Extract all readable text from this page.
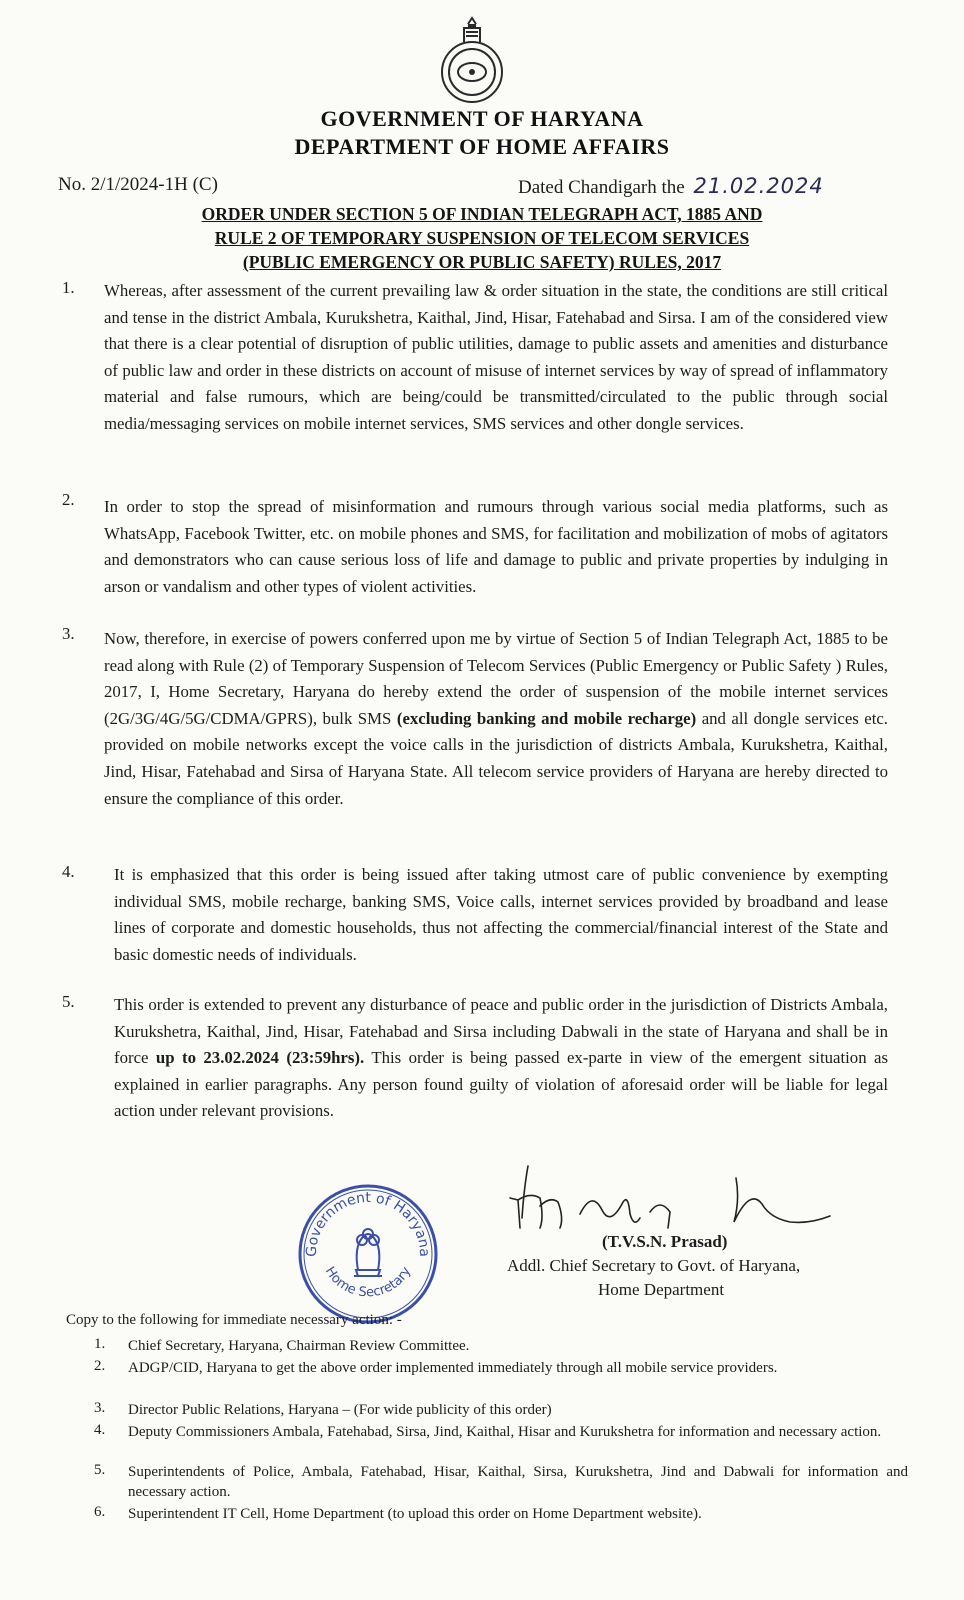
GOVERNMENT OF HARYANA
DEPARTMENT OF HOME AFFAIRS
No. 2/1/2024-1H (C)	Dated Chandigarh the 21.02.2024
ORDER UNDER SECTION 5 OF INDIAN TELEGRAPH ACT, 1885 AND
RULE 2 OF TEMPORARY SUSPENSION OF TELECOM SERVICES
(PUBLIC EMERGENCY OR PUBLIC SAFETY) RULES, 2017
1. Whereas, after assessment of the current prevailing law & order situation in the state, the conditions are still critical and tense in the district Ambala, Kurukshetra, Kaithal, Jind, Hisar, Fatehabad and Sirsa. I am of the considered view that there is a clear potential of disruption of public utilities, damage to public assets and amenities and disturbance of public law and order in these districts on account of misuse of internet services by way of spread of inflammatory material and false rumours, which are being/could be transmitted/circulated to the public through social media/messaging services on mobile internet services, SMS services and other dongle services.
2. In order to stop the spread of misinformation and rumours through various social media platforms, such as WhatsApp, Facebook Twitter, etc. on mobile phones and SMS, for facilitation and mobilization of mobs of agitators and demonstrators who can cause serious loss of life and damage to public and private properties by indulging in arson or vandalism and other types of violent activities.
3. Now, therefore, in exercise of powers conferred upon me by virtue of Section 5 of Indian Telegraph Act, 1885 to be read along with Rule (2) of Temporary Suspension of Telecom Services (Public Emergency or Public Safety ) Rules, 2017, I, Home Secretary, Haryana do hereby extend the order of suspension of the mobile internet services (2G/3G/4G/5G/CDMA/GPRS), bulk SMS (excluding banking and mobile recharge) and all dongle services etc. provided on mobile networks except the voice calls in the jurisdiction of districts Ambala, Kurukshetra, Kaithal, Jind, Hisar, Fatehabad and Sirsa of Haryana State. All telecom service providers of Haryana are hereby directed to ensure the compliance of this order.
4. It is emphasized that this order is being issued after taking utmost care of public convenience by exempting individual SMS, mobile recharge, banking SMS, Voice calls, internet services provided by broadband and lease lines of corporate and domestic households, thus not affecting the commercial/financial interest of the State and basic domestic needs of individuals.
5. This order is extended to prevent any disturbance of peace and public order in the jurisdiction of Districts Ambala, Kurukshetra, Kaithal, Jind, Hisar, Fatehabad and Sirsa including Dabwali in the state of Haryana and shall be in force up to 23.02.2024 (23:59hrs). This order is being passed ex-parte in view of the emergent situation as explained in earlier paragraphs. Any person found guilty of violation of aforesaid order will be liable for legal action under relevant provisions.
Government of Haryana
Home Secretary
(T.V.S.N. Prasad)
Addl. Chief Secretary to Govt. of Haryana,
Home Department
Copy to the following for immediate necessary action: -
1. Chief Secretary, Haryana, Chairman Review Committee.
2. ADGP/CID, Haryana to get the above order implemented immediately through all mobile service providers.
3. Director Public Relations, Haryana – (For wide publicity of this order)
4. Deputy Commissioners Ambala, Fatehabad, Sirsa, Jind, Kaithal, Hisar and Kurukshetra for information and necessary action.
5. Superintendents of Police, Ambala, Fatehabad, Hisar, Kaithal, Sirsa, Kurukshetra, Jind and Dabwali for information and necessary action.
6. Superintendent IT Cell, Home Department (to upload this order on Home Department website).
